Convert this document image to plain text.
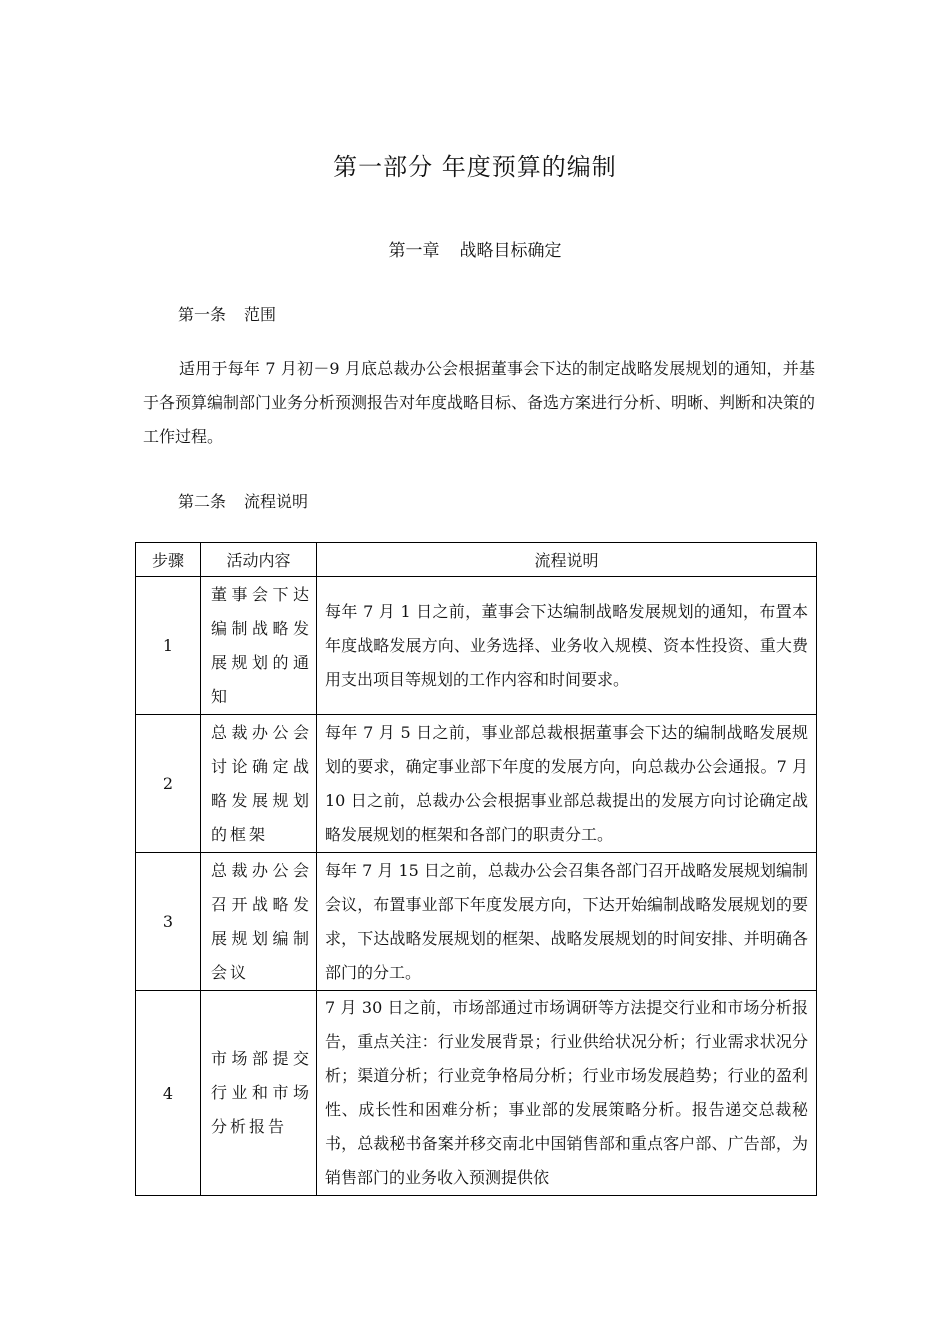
第一部分 年度预算的编制
第一章 战略目标确定
第一条 范围

适用于每年 7 月初－9 月底总裁办公会根据董事会下达的制定战略发展规划的通知，并基于各预算编制部门业务分析预测报告对年度战略目标、备选方案进行分析、明晰、判断和决策的工作过程。

第二条 流程说明
步骤	活动内容	流程说明
1	董事会下达编制战略发展规划的通知	每年 7 月 1 日之前，董事会下达编制战略发展规划的通知，布置本年度战略发展方向、业务选择、业务收入规模、资本性投资、重大费用支出项目等规划的工作内容和时间要求。

2	总裁办公会讨论确定战略发展规划的框架	每年 7 月 5 日之前，事业部总裁根据董事会下达的编制战略发展规划的要求，确定事业部下年度的发展方向，向总裁办公会通报。7 月 10 日之前，总裁办公会根据事业部总裁提出的发展方向讨论确定战略发展规划的框架和各部门的职责分工。

3	总裁办公会召开战略发展规划编制会议	每年 7 月 15 日之前，总裁办公会召集各部门召开战略发展规划编制会议，布置事业部下年度发展方向，下达开始编制战略发展规划的要求，下达战略发展规划的框架、战略发展规划的时间安排、并明确各部门的分工。

4	市场部提交行业和市场分析报告	7 月 30 日之前，市场部通过市场调研等方法提交行业和市场分析报告，重点关注：行业发展背景；行业供给状况分析；行业需求状况分析；渠道分析；行业竞争格局分析；行业市场发展趋势；行业的盈利性、成长性和困难分析；事业部的发展策略分析。报告递交总裁秘书，总裁秘书备案并移交南北中国销售部和重点客户部、广告部，为销售部门的业务收入预测提供依
